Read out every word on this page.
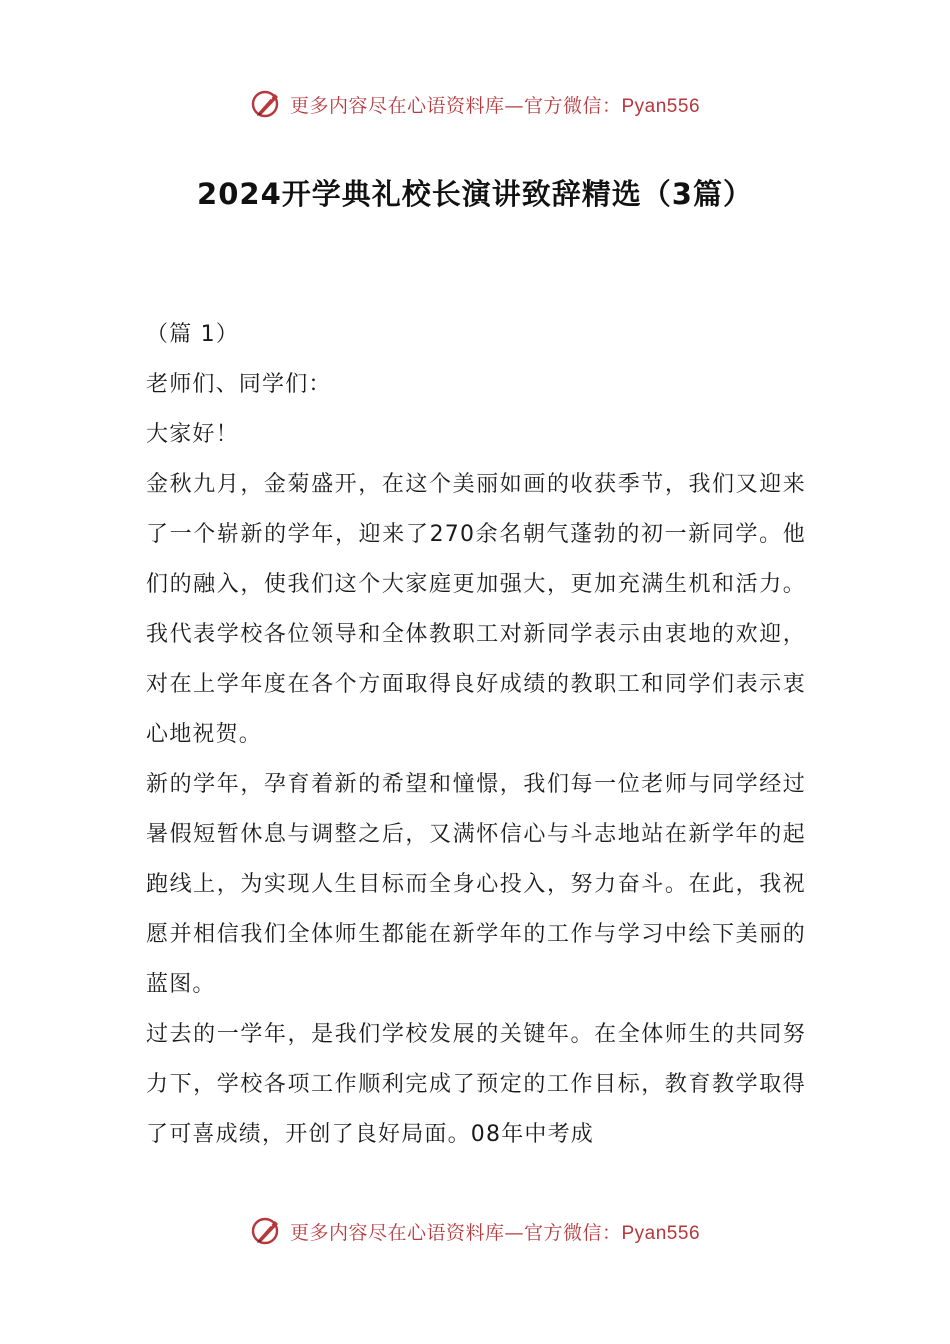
更多内容尽在心语资料库—官方微信：Pyan556
2024开学典礼校长演讲致辞精选（3篇）

（篇 1）

老师们、同学们：

大家好！

金秋九月，金菊盛开，在这个美丽如画的收获季节，我们又迎来了一个崭新的学年，迎来了270余名朝气蓬勃的初一新同学。他们的融入，使我们这个大家庭更加强大，更加充满生机和活力。我代表学校各位领导和全体教职工对新同学表示由衷地的欢迎，对在上学年度在各个方面取得良好成绩的教职工和同学们表示衷心地祝贺。

新的学年，孕育着新的希望和憧憬，我们每一位老师与同学经过暑假短暂休息与调整之后，又满怀信心与斗志地站在新学年的起跑线上，为实现人生目标而全身心投入，努力奋斗。在此，我祝愿并相信我们全体师生都能在新学年的工作与学习中绘下美丽的蓝图。

过去的一学年，是我们学校发展的关键年。在全体师生的共同努力下，学校各项工作顺利完成了预定的工作目标，教育教学取得了可喜成绩，开创了良好局面。08年中考成

更多内容尽在心语资料库—官方微信：Pyan556
